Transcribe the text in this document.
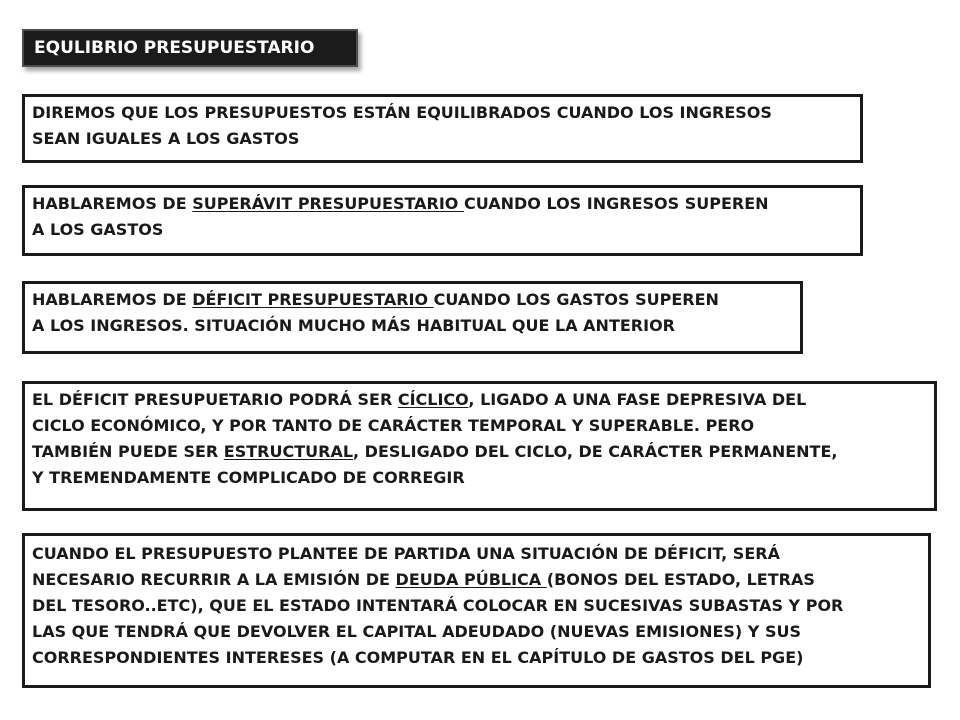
EQULIBRIO PRESUPUESTARIO
DIREMOS QUE LOS PRESUPUESTOS ESTÁN EQUILIBRADOS CUANDO LOS INGRESOS
SEAN IGUALES A LOS GASTOS
HABLAREMOS DE SUPERÁVIT PRESUPUESTARIO CUANDO LOS INGRESOS SUPEREN
A LOS GASTOS
HABLAREMOS DE DÉFICIT PRESUPUESTARIO CUANDO LOS GASTOS SUPEREN
A LOS INGRESOS. SITUACIÓN MUCHO MÁS HABITUAL QUE LA ANTERIOR
EL DÉFICIT PRESUPUETARIO PODRÁ SER CÍCLICO, LIGADO A UNA FASE DEPRESIVA DEL
CICLO ECONÓMICO, Y POR TANTO DE CARÁCTER TEMPORAL Y SUPERABLE. PERO
TAMBIÉN PUEDE SER ESTRUCTURAL, DESLIGADO DEL CICLO, DE CARÁCTER PERMANENTE,
Y TREMENDAMENTE COMPLICADO DE CORREGIR
CUANDO EL PRESUPUESTO PLANTEE DE PARTIDA UNA SITUACIÓN DE DÉFICIT, SERÁ
NECESARIO RECURRIR A LA EMISIÓN DE DEUDA PÚBLICA (BONOS DEL ESTADO, LETRAS
DEL TESORO..ETC), QUE EL ESTADO INTENTARÁ COLOCAR EN SUCESIVAS SUBASTAS Y POR
LAS QUE TENDRÁ QUE DEVOLVER EL CAPITAL ADEUDADO (NUEVAS EMISIONES) Y SUS
CORRESPONDIENTES INTERESES (A COMPUTAR EN EL CAPÍTULO DE GASTOS DEL PGE)
